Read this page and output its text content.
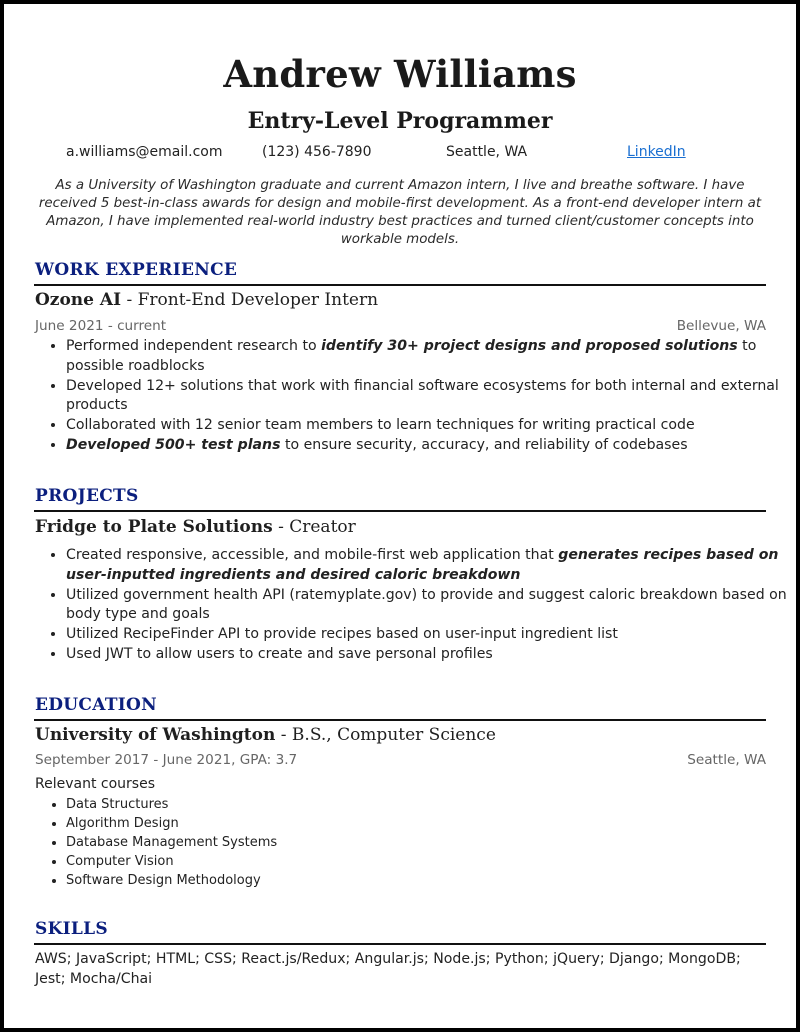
Andrew Williams
Entry-Level Programmer
a.williams@email.com	(123) 456-7890	Seattle, WA	LinkedIn
As a University of Washington graduate and current Amazon intern, I live and breathe software. I have received 5 best-in-class awards for design and mobile-first development. As a front-end developer intern at Amazon, I have implemented real-world industry best practices and turned client/customer concepts into workable models.
WORK EXPERIENCE
Ozone AI - Front-End Developer Intern
June 2021 - current	Bellevue, WA
• Performed independent research to identify 30+ project designs and proposed solutions to possible roadblocks
• Developed 12+ solutions that work with financial software ecosystems for both internal and external products
• Collaborated with 12 senior team members to learn techniques for writing practical code
• Developed 500+ test plans to ensure security, accuracy, and reliability of codebases
PROJECTS
Fridge to Plate Solutions - Creator
• Created responsive, accessible, and mobile-first web application that generates recipes based on user-inputted ingredients and desired caloric breakdown
• Utilized government health API (ratemyplate.gov) to provide and suggest caloric breakdown based on body type and goals
• Utilized RecipeFinder API to provide recipes based on user-input ingredient list
• Used JWT to allow users to create and save personal profiles
EDUCATION
University of Washington - B.S., Computer Science
September 2017 - June 2021, GPA: 3.7	Seattle, WA
Relevant courses
• Data Structures
• Algorithm Design
• Database Management Systems
• Computer Vision
• Software Design Methodology
SKILLS
AWS; JavaScript; HTML; CSS; React.js/Redux; Angular.js; Node.js; Python; jQuery; Django; MongoDB; Jest; Mocha/Chai
